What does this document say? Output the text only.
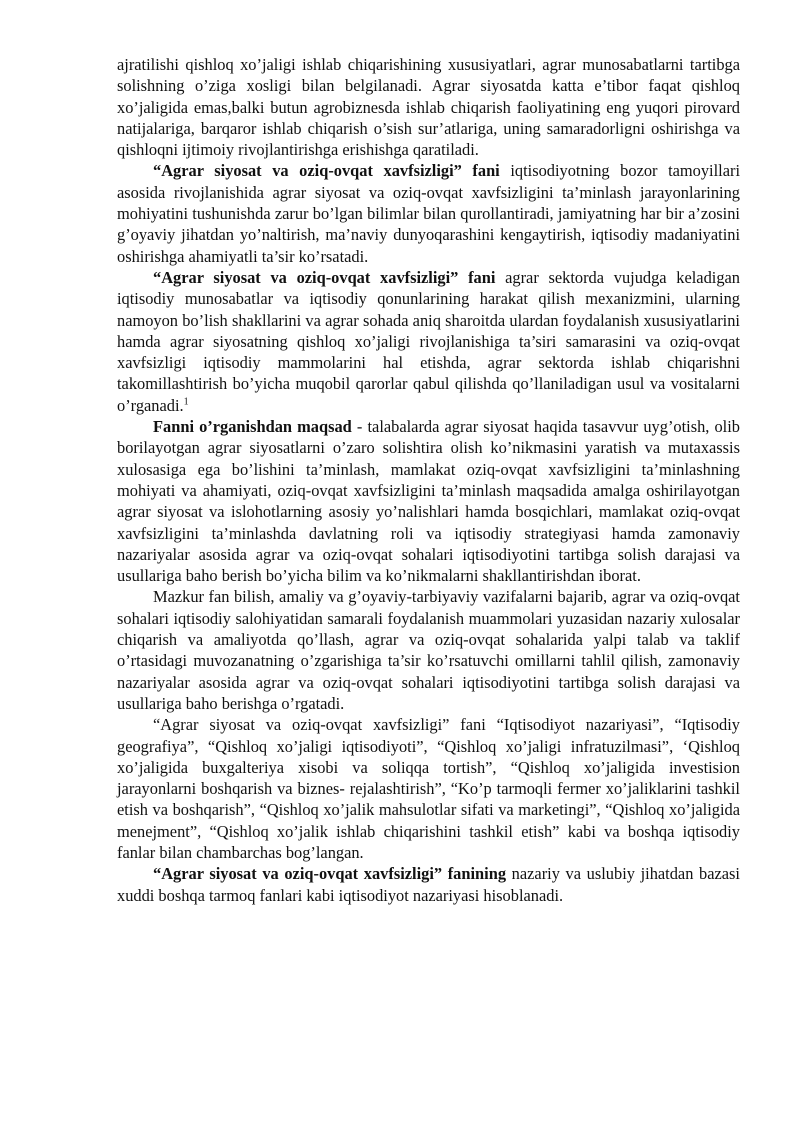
ajratilishi qishloq xo’jaligi ishlab chiqarishining xususiyatlari, agrar munosabatlarni tartibga solishning o’ziga xosligi bilan belgilanadi. Agrar siyosatda katta e’tibor faqat qishloq xo’jaligida emas,balki butun agrobiznesda ishlab chiqarish faoliyatining eng yuqori pirovard natijalariga, barqaror ishlab chiqarish o’sish sur’atlariga, uning samaradorligni oshirishga va qishloqni ijtimoiy rivojlantirishga erishishga qaratiladi.

“Agrar siyosat va oziq-ovqat xavfsizligi” fani iqtisodiyotning bozor tamoyillari asosida rivojlanishida agrar siyosat va oziq-ovqat xavfsizligini ta’minlash jarayonlarining mohiyatini tushunishda zarur bo’lgan bilimlar bilan qurollantiradi, jamiyatning har bir a’zosini g’oyaviy jihatdan yo’naltirish, ma’naviy dunyoqarashini kengaytirish, iqtisodiy madaniyatini oshirishga ahamiyatli ta’sir ko’rsatadi.

“Agrar siyosat va oziq-ovqat xavfsizligi” fani agrar sektorda vujudga keladigan iqtisodiy munosabatlar va iqtisodiy qonunlarining harakat qilish mexanizmini, ularning namoyon bo’lish shakllarini va agrar sohada aniq sharoitda ulardan foydalanish xususiyatlarini hamda agrar siyosatning qishloq xo’jaligi rivojlanishiga ta’siri samarasini va oziq-ovqat xavfsizligi iqtisodiy mammolarini hal etishda, agrar sektorda ishlab chiqarishni takomillashtirish bo’yicha muqobil qarorlar qabul qilishda qo’llaniladigan usul va vositalarni o’rganadi.$^1$

Fanni o’rganishdan maqsad - talabalarda agrar siyosat haqida tasavvur uyg’otish, olib borilayotgan agrar siyosatlarni o’zaro solishtira olish ko’nikmasini yaratish va mutaxassis xulosasiga ega bo’lishini ta’minlash, mamlakat oziq-ovqat xavfsizligini ta’minlashning mohiyati va ahamiyati, oziq-ovqat xavfsizligini ta’minlash maqsadida amalga oshirilayotgan agrar siyosat va islohotlarning asosiy yo’nalishlari hamda bosqichlari, mamlakat oziq-ovqat xavfsizligini ta’minlashda davlatning roli va iqtisodiy strategiyasi hamda zamonaviy nazariyalar asosida agrar va oziq-ovqat sohalari iqtisodiyotini tartibga solish darajasi va usullariga baho berish bo’yicha bilim va ko’nikmalarni shakllantirishdan iborat.

Mazkur fan bilish, amaliy va g’oyaviy-tarbiyaviy vazifalarni bajarib, agrar va oziq-ovqat sohalari iqtisodiy salohiyatidan samarali foydalanish muammolari yuzasidan nazariy xulosalar chiqarish va amaliyotda qo’llash, agrar va oziq-ovqat sohalarida yalpi talab va taklif o’rtasidagi muvozanatning o’zgarishiga ta’sir ko’rsatuvchi omillarni tahlil qilish, zamonaviy nazariyalar asosida agrar va oziq-ovqat sohalari iqtisodiyotini tartibga solish darajasi va usullariga baho berishga o’rgatadi.

“Agrar siyosat va oziq-ovqat xavfsizligi” fani “Iqtisodiyot nazariyasi”, “Iqtisodiy geografiya”, “Qishloq xo’jaligi iqtisodiyoti”, “Qishloq xo’jaligi infratuzilmasi”, ‘Qishloq xo’jaligida buxgalteriya xisobi va soliqqa tortish”, “Qishloq xo’jaligida investision jarayonlarni boshqarish va biznes- rejalashtirish”, “Ko’p tarmoqli fermer xo’jaliklarini tashkil etish va boshqarish”, “Qishloq xo’jalik mahsulotlar sifati va marketingi”, “Qishloq xo’jaligida menejment”, “Qishloq xo’jalik ishlab chiqarishini tashkil etish” kabi va boshqa iqtisodiy fanlar bilan chambarchas bog’langan.

“Agrar siyosat va oziq-ovqat xavfsizligi” fanining nazariy va uslubiy jihatdan bazasi xuddi boshqa tarmoq fanlari kabi iqtisodiyot nazariyasi hisoblanadi.
